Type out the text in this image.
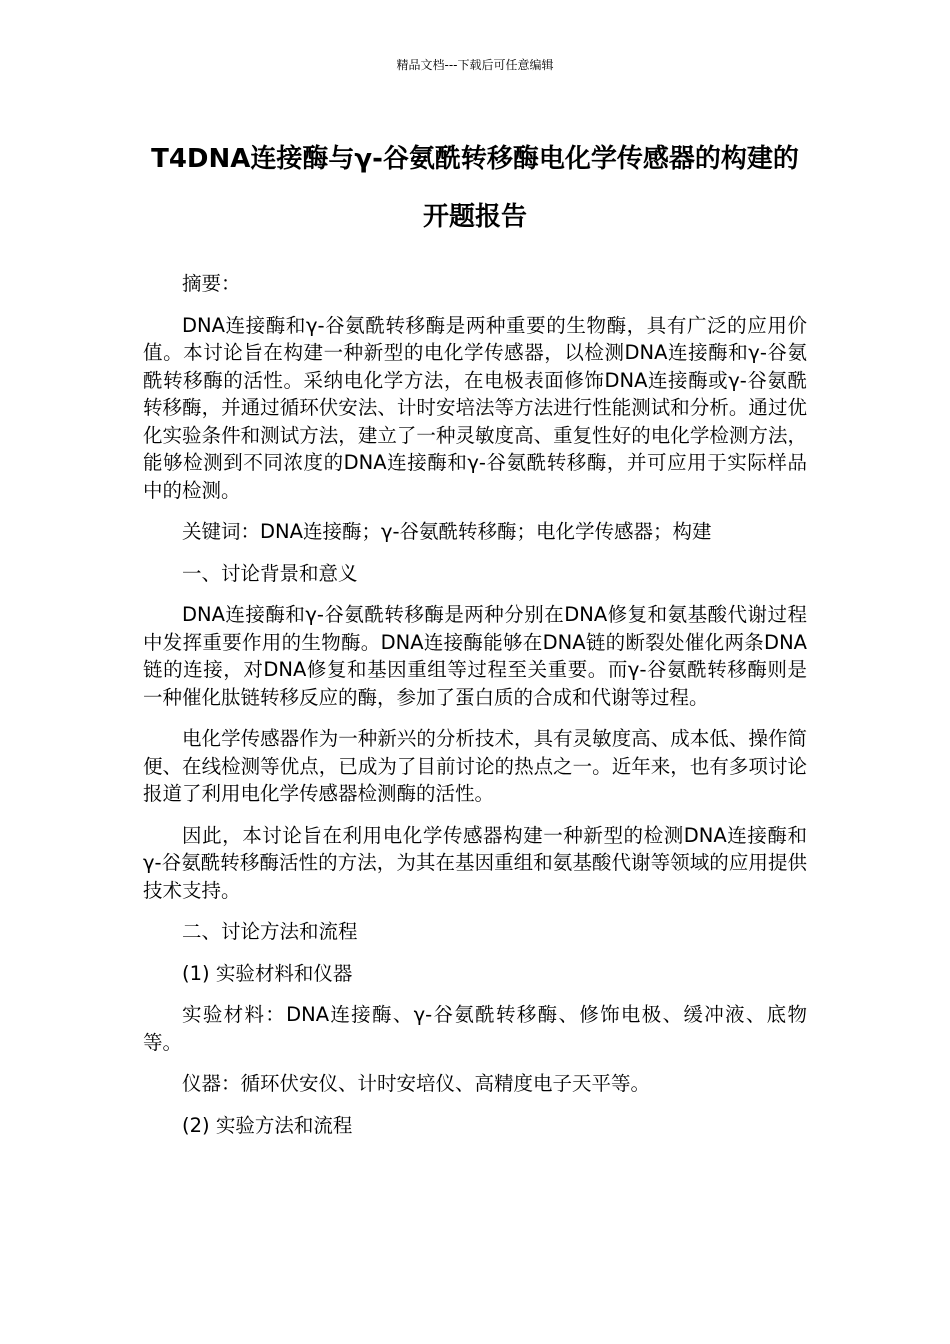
精品文档---下载后可任意编辑
T4DNA连接酶与γ-谷氨酰转移酶电化学传感器的构建的开题报告

摘要：

DNA连接酶和γ-谷氨酰转移酶是两种重要的生物酶，具有广泛的应用价值。本讨论旨在构建一种新型的电化学传感器，以检测DNA连接酶和γ-谷氨酰转移酶的活性。采纳电化学方法，在电极表面修饰DNA连接酶或γ-谷氨酰转移酶，并通过循环伏安法、计时安培法等方法进行性能测试和分析。通过优化实验条件和测试方法，建立了一种灵敏度高、重复性好的电化学检测方法，能够检测到不同浓度的DNA连接酶和γ-谷氨酰转移酶，并可应用于实际样品中的检测。

关键词：DNA连接酶；γ-谷氨酰转移酶；电化学传感器；构建

一、讨论背景和意义

DNA连接酶和γ-谷氨酰转移酶是两种分别在DNA修复和氨基酸代谢过程中发挥重要作用的生物酶。DNA连接酶能够在DNA链的断裂处催化两条DNA链的连接，对DNA修复和基因重组等过程至关重要。而γ-谷氨酰转移酶则是一种催化肽链转移反应的酶，参加了蛋白质的合成和代谢等过程。

电化学传感器作为一种新兴的分析技术，具有灵敏度高、成本低、操作简便、在线检测等优点，已成为了目前讨论的热点之一。近年来，也有多项讨论报道了利用电化学传感器检测酶的活性。

因此，本讨论旨在利用电化学传感器构建一种新型的检测DNA连接酶和γ-谷氨酰转移酶活性的方法，为其在基因重组和氨基酸代谢等领域的应用提供技术支持。

二、讨论方法和流程

(1) 实验材料和仪器

实验材料：DNA连接酶、γ-谷氨酰转移酶、修饰电极、缓冲液、底物等。

仪器：循环伏安仪、计时安培仪、高精度电子天平等。

(2) 实验方法和流程
